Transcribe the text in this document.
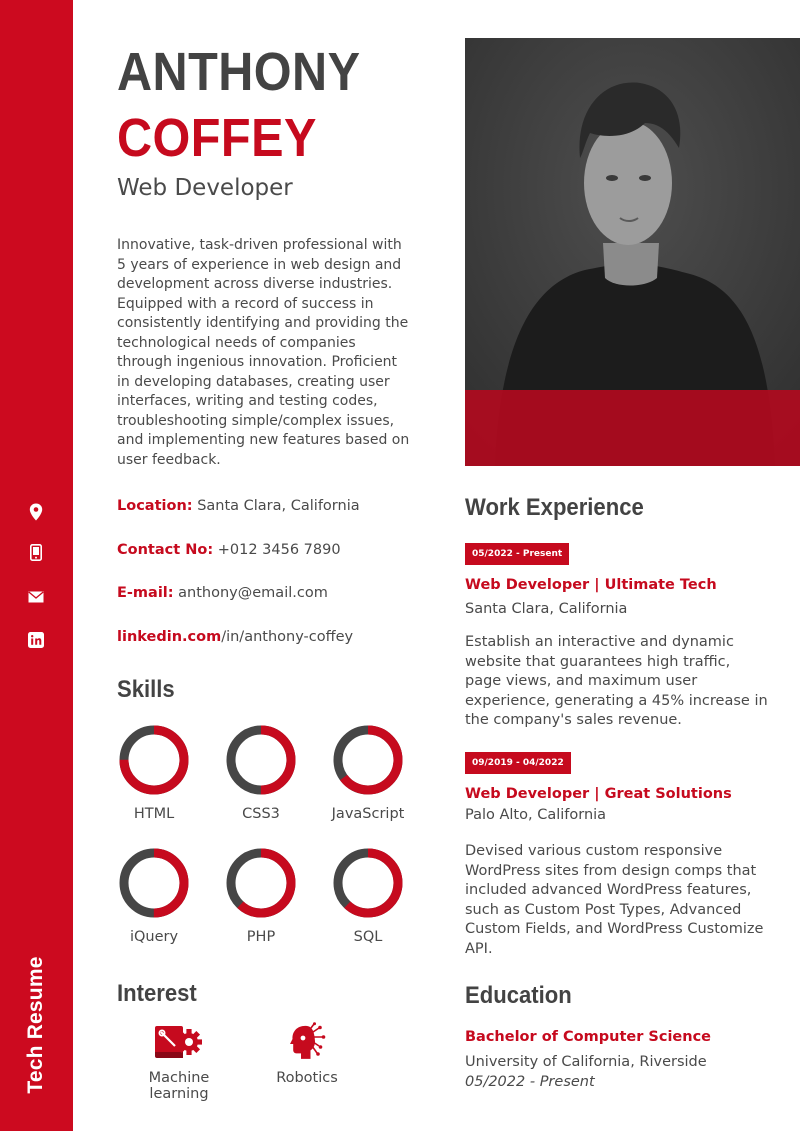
Tech Resume
ANTHONY
COFFEY
Web Developer

Innovative, task-driven professional with 5 years of experience in web design and development across diverse industries. Equipped with a record of success in consistently identifying and providing the technological needs of companies through ingenious innovation. Proficient in developing databases, creating user interfaces, writing and testing codes, troubleshooting simple/complex issues, and implementing new features based on user feedback.

Location: Santa Clara, California
Contact No: +012 3456 7890
E-mail: anthony@email.com
linkedin.com/in/anthony-coffey
Skills
HTML	CSS3	JavaScript
iQuery	PHP	SQL
Interest
Machine learning
Robotics
Work Experience
05/2022 - Present
Web Developer | Ultimate Tech
Santa Clara, California

Establish an interactive and dynamic website that guarantees high traffic, page views, and maximum user experience, generating a 45% increase in the company's sales revenue.

09/2019 - 04/2022
Web Developer | Great Solutions
Palo Alto, California

Devised various custom responsive WordPress sites from design comps that included advanced WordPress features, such as Custom Post Types, Advanced Custom Fields, and WordPress Customize API.

Education
Bachelor of Computer Science
University of California, Riverside
05/2022 - Present
